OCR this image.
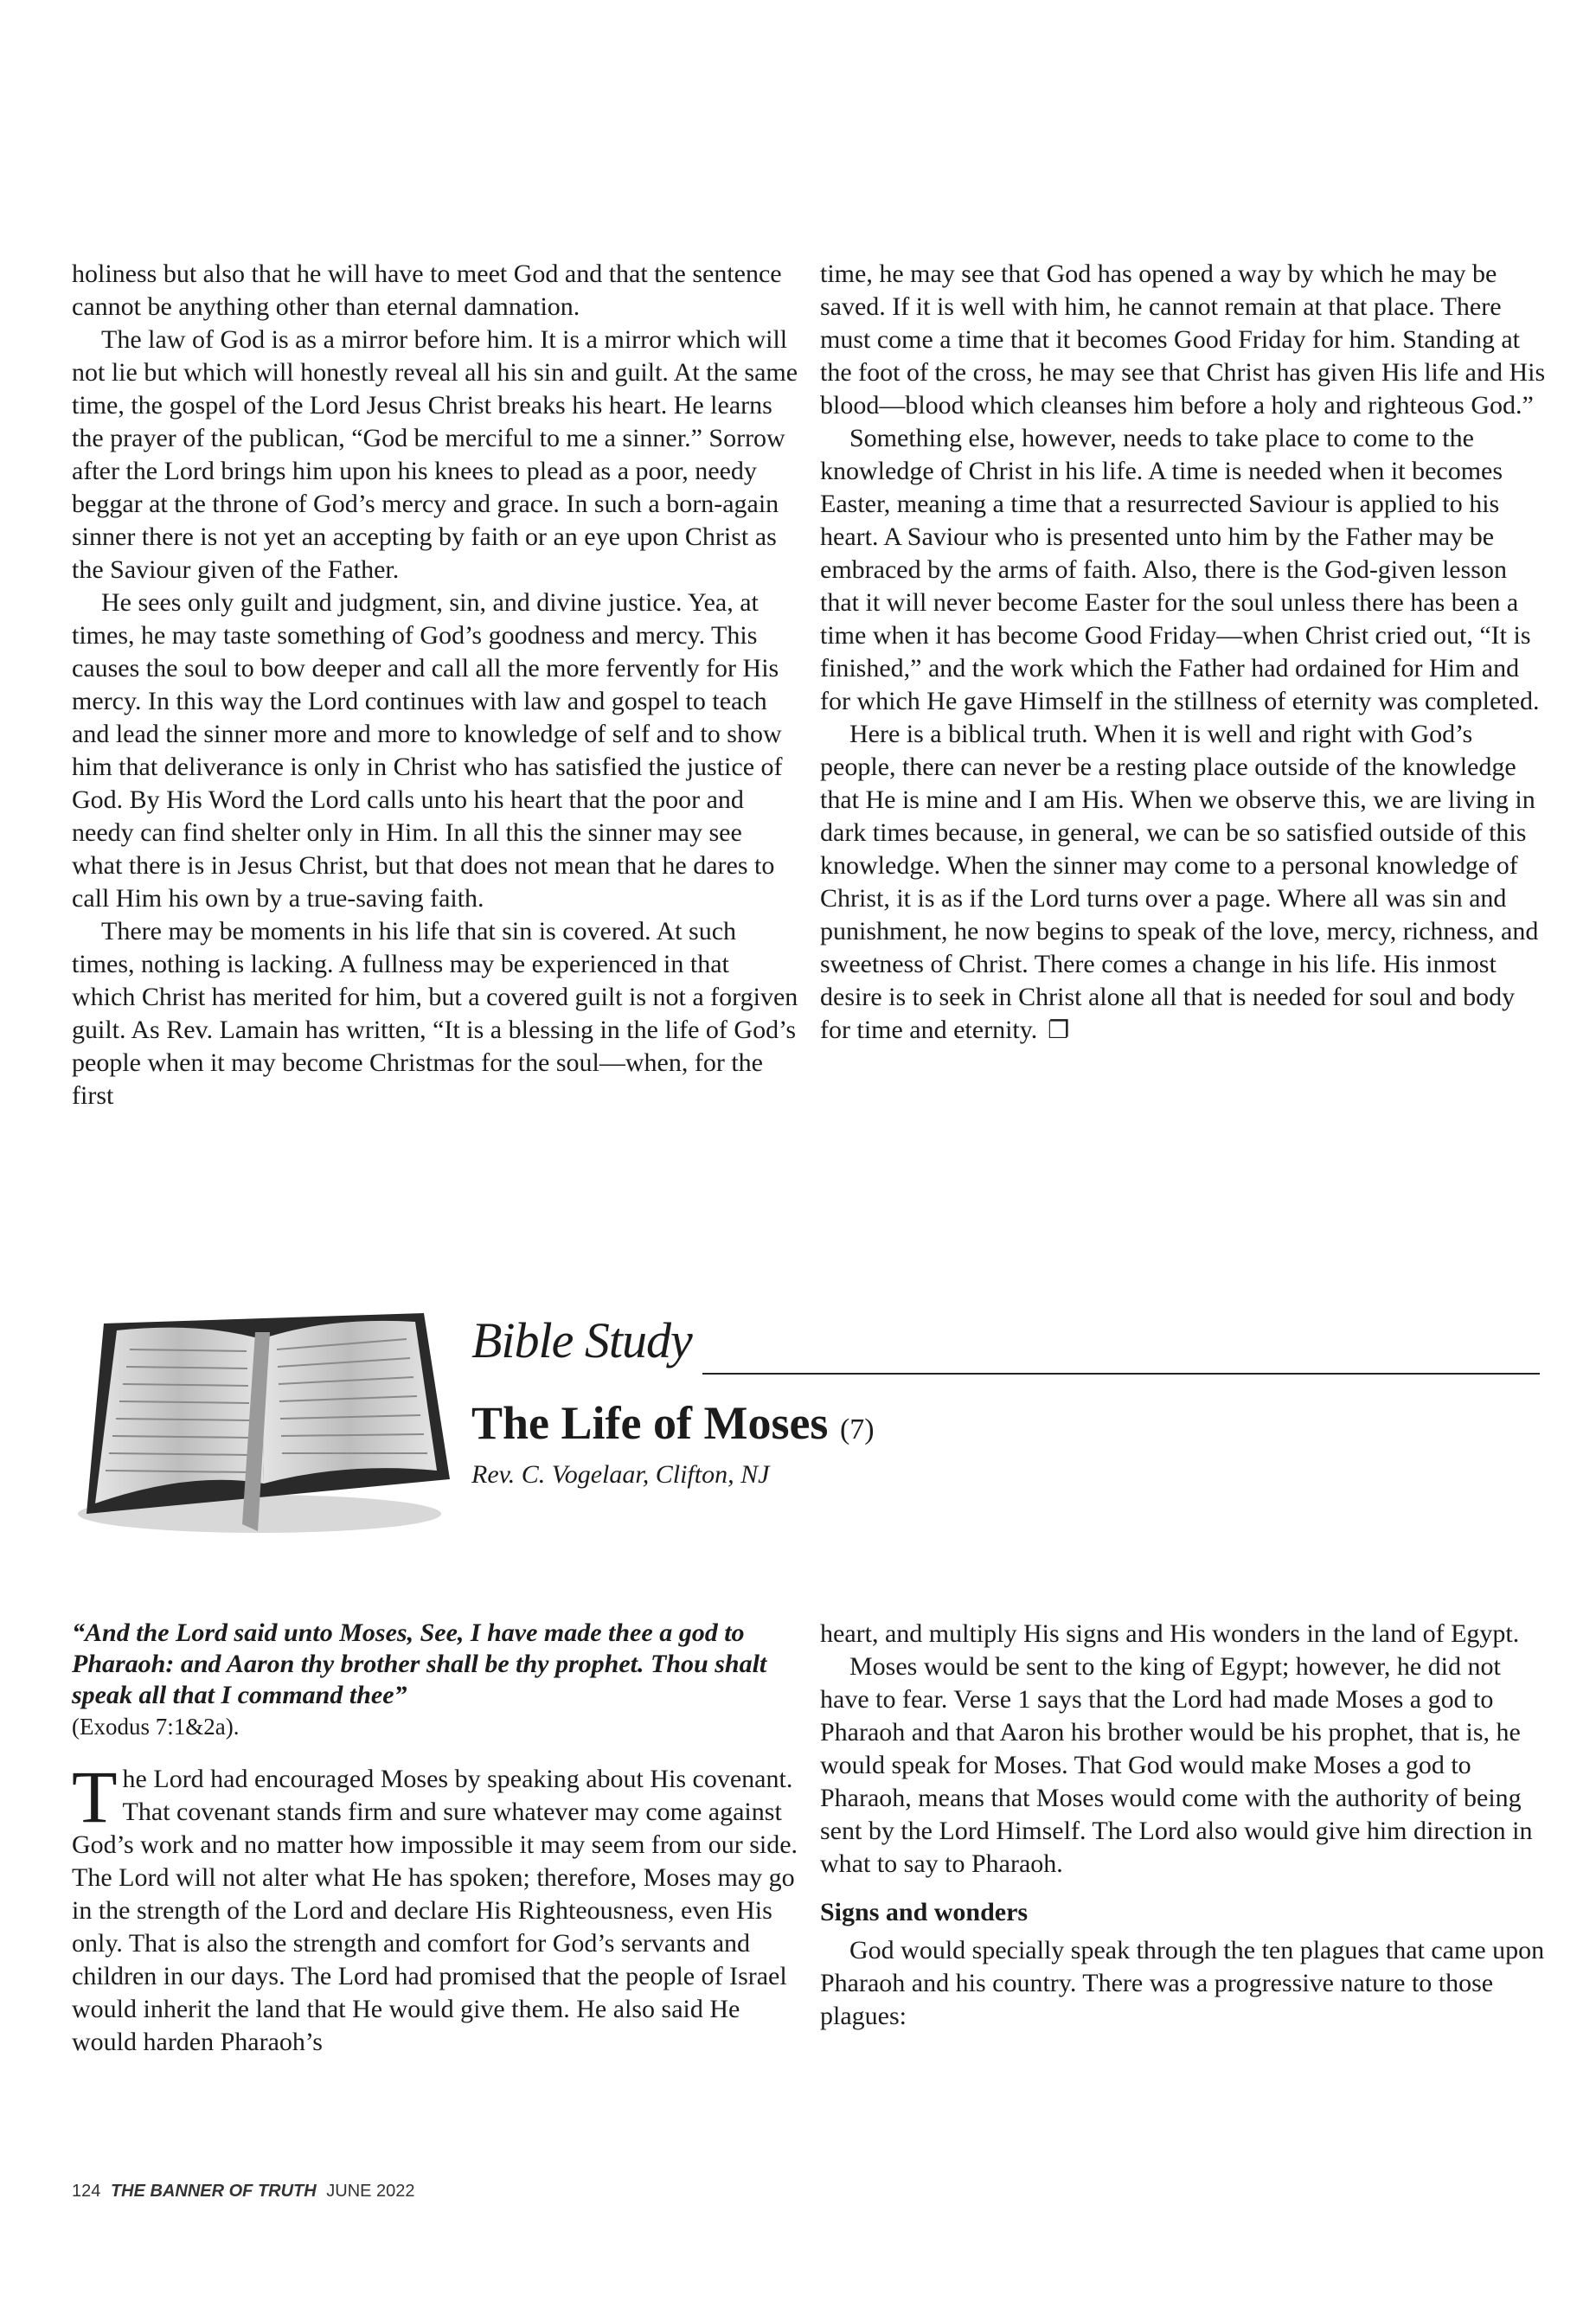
holiness but also that he will have to meet God and that the sentence cannot be anything other than eternal damnation.

The law of God is as a mirror before him. It is a mirror which will not lie but which will honestly reveal all his sin and guilt. At the same time, the gospel of the Lord Jesus Christ breaks his heart. He learns the prayer of the publican, “God be merciful to me a sinner.” Sorrow after the Lord brings him upon his knees to plead as a poor, needy beggar at the throne of God’s mercy and grace. In such a born-again sinner there is not yet an accepting by faith or an eye upon Christ as the Saviour given of the Father.

He sees only guilt and judgment, sin, and divine justice. Yea, at times, he may taste something of God’s goodness and mercy. This causes the soul to bow deeper and call all the more fervently for His mercy. In this way the Lord continues with law and gospel to teach and lead the sinner more and more to knowledge of self and to show him that deliverance is only in Christ who has satisfied the justice of God. By His Word the Lord calls unto his heart that the poor and needy can find shelter only in Him. In all this the sinner may see what there is in Jesus Christ, but that does not mean that he dares to call Him his own by a true-saving faith.

There may be moments in his life that sin is covered. At such times, nothing is lacking. A fullness may be experienced in that which Christ has merited for him, but a covered guilt is not a forgiven guilt. As Rev. Lamain has written, “It is a blessing in the life of God’s people when it may become Christmas for the soul—when, for the first

time, he may see that God has opened a way by which he may be saved. If it is well with him, he cannot remain at that place. There must come a time that it becomes Good Friday for him. Standing at the foot of the cross, he may see that Christ has given His life and His blood—blood which cleanses him before a holy and righteous God.”

Something else, however, needs to take place to come to the knowledge of Christ in his life. A time is needed when it becomes Easter, meaning a time that a resurrected Saviour is applied to his heart. A Saviour who is presented unto him by the Father may be embraced by the arms of faith. Also, there is the God-given lesson that it will never become Easter for the soul unless there has been a time when it has become Good Friday—when Christ cried out, “It is finished,” and the work which the Father had ordained for Him and for which He gave Himself in the stillness of eternity was completed.

Here is a biblical truth. When it is well and right with God’s people, there can never be a resting place outside of the knowledge that He is mine and I am His. When we observe this, we are living in dark times because, in general, we can be so satisfied outside of this knowledge. When the sinner may come to a personal knowledge of Christ, it is as if the Lord turns over a page. Where all was sin and punishment, he now begins to speak of the love, mercy, richness, and sweetness of Christ. There comes a change in his life. His inmost desire is to seek in Christ alone all that is needed for soul and body for time and eternity. ❐

Bible Study
The Life of Moses (7)
Rev. C. Vogelaar, Clifton, NJ

“And the Lord said unto Moses, See, I have made thee a god to Pharaoh: and Aaron thy brother shall be thy prophet. Thou shalt speak all that I command thee”

(Exodus 7:1&2a).

The Lord had encouraged Moses by speaking about His covenant. That covenant stands firm and sure whatever may come against God’s work and no matter how impossible it may seem from our side. The Lord will not alter what He has spoken; therefore, Moses may go in the strength of the Lord and declare His Righteousness, even His only. That is also the strength and comfort for God’s servants and children in our days. The Lord had promised that the people of Israel would inherit the land that He would give them. He also said He would harden Pharaoh’s

heart, and multiply His signs and His wonders in the land of Egypt.

Moses would be sent to the king of Egypt; however, he did not have to fear. Verse 1 says that the Lord had made Moses a god to Pharaoh and that Aaron his brother would be his prophet, that is, he would speak for Moses. That God would make Moses a god to Pharaoh, means that Moses would come with the authority of being sent by the Lord Himself. The Lord also would give him direction in what to say to Pharaoh.

Signs and wonders

God would specially speak through the ten plagues that came upon Pharaoh and his country. There was a progressive nature to those plagues:

124 THE BANNER OF TRUTH JUNE 2022
